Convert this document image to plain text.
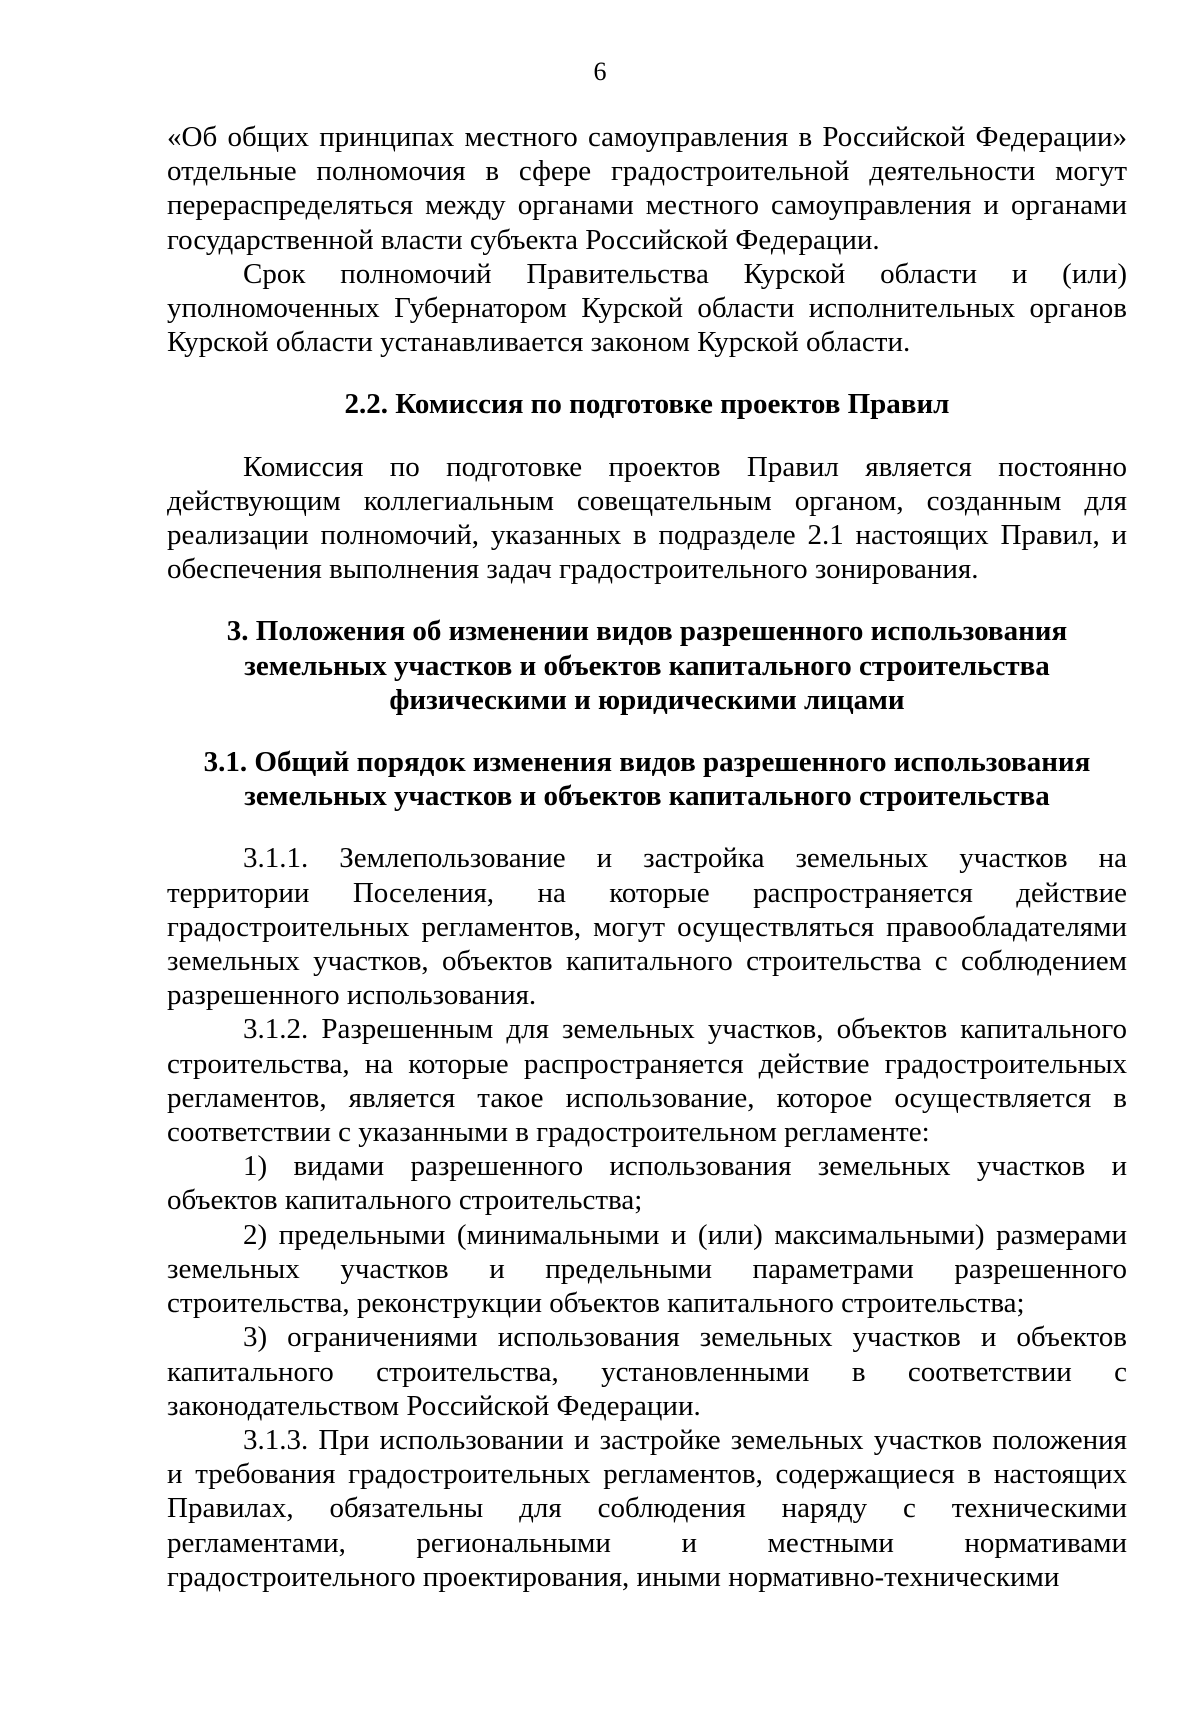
6

«Об общих принципах местного самоуправления в Российской Федерации» отдельные полномочия в сфере градостроительной деятельности могут перераспределяться между органами местного самоуправления и органами государственной власти субъекта Российской Федерации.

Срок полномочий Правительства Курской области и (или) уполномоченных Губернатором Курской области исполнительных органов Курской области устанавливается законом Курской области.

2.2. Комиссия по подготовке проектов Правил

Комиссия по подготовке проектов Правил является постоянно действующим коллегиальным совещательным органом, созданным для реализации полномочий, указанных в подразделе 2.1 настоящих Правил, и обеспечения выполнения задач градостроительного зонирования.

3. Положения об изменении видов разрешенного использования
земельных участков и объектов капитального строительства
физическими и юридическими лицами
3.1. Общий порядок изменения видов разрешенного использования
земельных участков и объектов капитального строительства

3.1.1. Землепользование и застройка земельных участков на территории Поселения, на которые распространяется действие градостроительных регламентов, могут осуществляться правообладателями земельных участков, объектов капитального строительства с соблюдением разрешенного использования.

3.1.2. Разрешенным для земельных участков, объектов капитального строительства, на которые распространяется действие градостроительных регламентов, является такое использование, которое осуществляется в соответствии с указанными в градостроительном регламенте:

1) видами разрешенного использования земельных участков и объектов капитального строительства;

2) предельными (минимальными и (или) максимальными) размерами земельных участков и предельными параметрами разрешенного строительства, реконструкции объектов капитального строительства;

3) ограничениями использования земельных участков и объектов капитального строительства, установленными в соответствии с законодательством Российской Федерации.

3.1.3. При использовании и застройке земельных участков положения и требования градостроительных регламентов, содержащиеся в настоящих Правилах, обязательны для соблюдения наряду с техническими регламентами, региональными и местными нормативами градостроительного проектирования, иными нормативно-техническими
